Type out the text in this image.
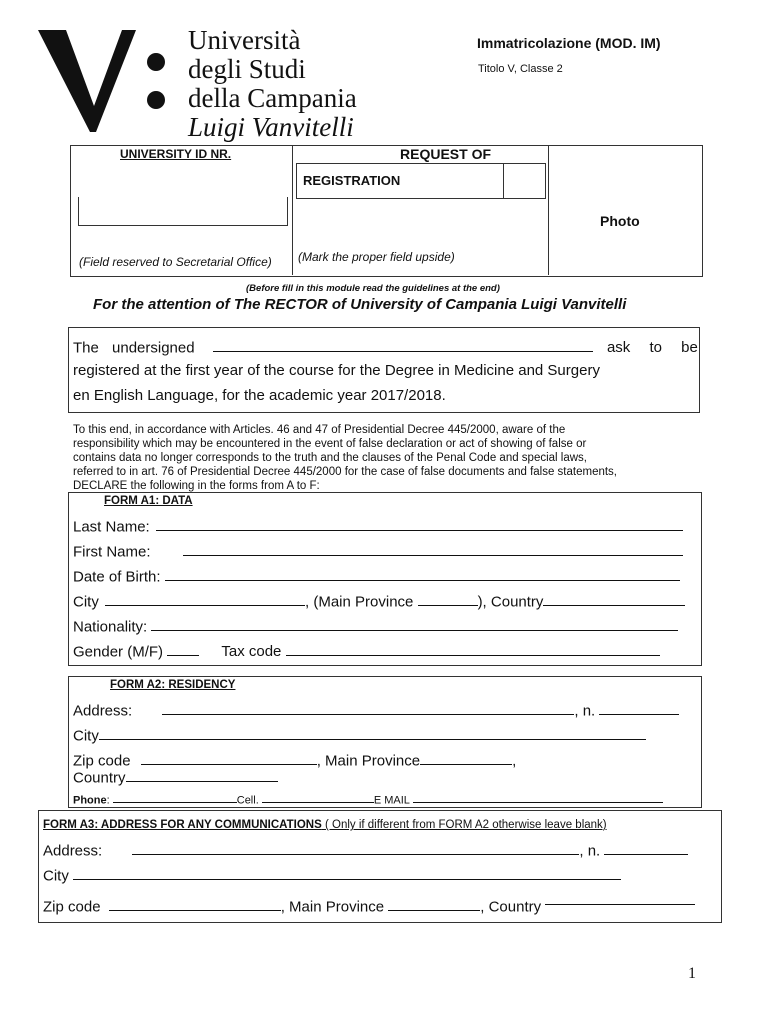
Università
degli Studi
della Campania
Luigi Vanvitelli
Immatricolazione (MOD. IM)
Titolo V, Classe 2
UNIVERSITY ID NR.
(Field reserved to Secretarial Office)
REQUEST OF
REGISTRATION
(Mark the proper field upside)
Photo
(Before fill in this module read the guidelines at the end)
For the attention of The RECTOR of University of Campania Luigi Vanvitelli
The undersigned	ask to be
registered at the first year of the course for the Degree in Medicine and Surgery
en English Language, for the academic year 2017/2018.
To this end, in accordance with Articles. 46 and 47 of Presidential Decree 445/2000, aware of the
responsibility which may be encountered in the event of false declaration or act of showing of false or
contains data no longer corresponds to the truth and the clauses of the Penal Code and special laws,
referred to in art. 76 of Presidential Decree 445/2000 for the case of false documents and false statements,
DECLARE the following in the forms from A to F:
FORM A1: DATA
Last Name:
First Name:
Date of Birth:
City	, (Main Province	), Country
Nationality:
Gender (M/F)	Tax code
FORM A2: RESIDENCY
Address:	, n.
City
Zip code	, Main Province	,
Country
Phone:	Cell.	E MAIL
FORM A3: ADDRESS FOR ANY COMMUNICATIONS ( Only if different from FORM A2 otherwise leave blank)
Address:	, n.
City
Zip code	, Main Province	, Country
1
